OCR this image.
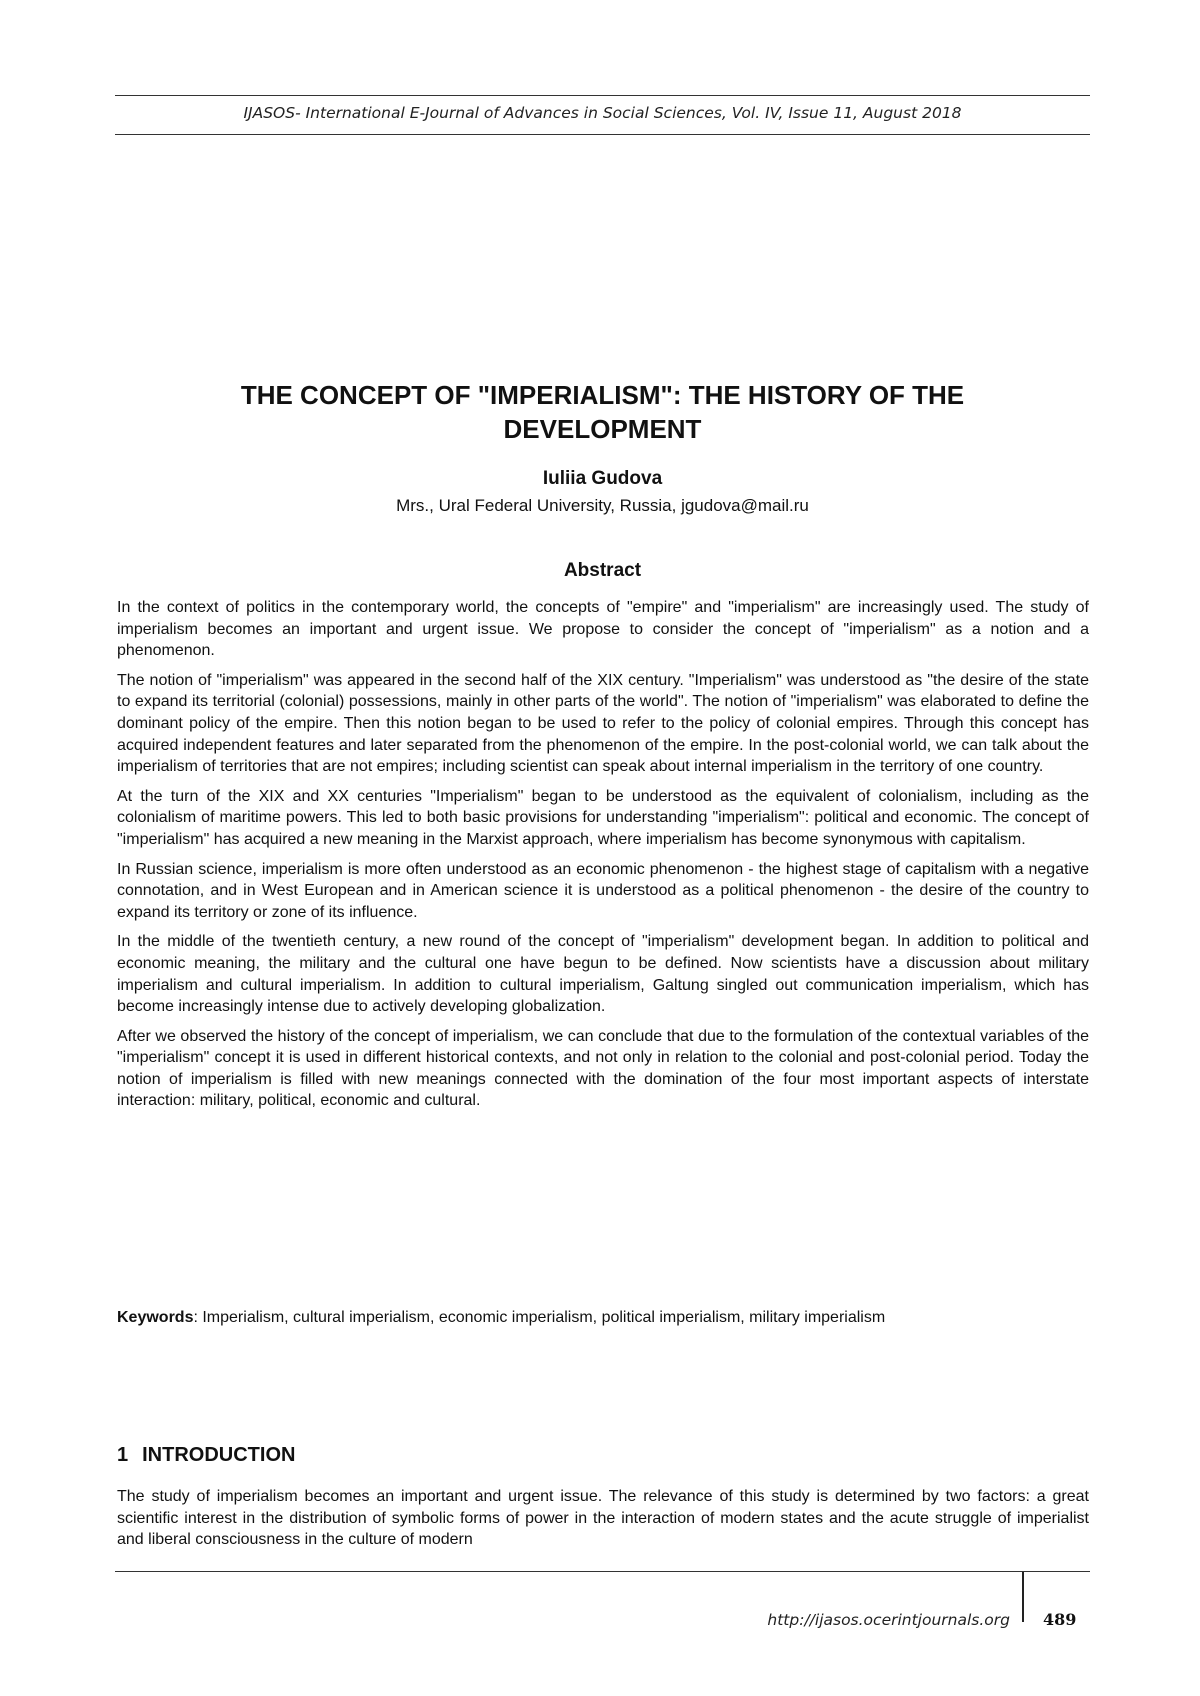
IJASOS- International E-Journal of Advances in Social Sciences, Vol. IV, Issue 11, August 2018
THE CONCEPT OF "IMPERIALISM": THE HISTORY OF THE
DEVELOPMENT
Iuliia Gudova
Mrs., Ural Federal University, Russia, jgudova@mail.ru
Abstract

In the context of politics in the contemporary world, the concepts of "empire" and "imperialism" are increasingly used. The study of imperialism becomes an important and urgent issue. We propose to consider the concept of "imperialism" as a notion and a phenomenon.

The notion of "imperialism" was appeared in the second half of the XIX century. "Imperialism" was understood as "the desire of the state to expand its territorial (colonial) possessions, mainly in other parts of the world". The notion of "imperialism" was elaborated to define the dominant policy of the empire. Then this notion began to be used to refer to the policy of colonial empires. Through this concept has acquired independent features and later separated from the phenomenon of the empire. In the post-colonial world, we can talk about the imperialism of territories that are not empires; including scientist can speak about internal imperialism in the territory of one country.

At the turn of the XIX and XX centuries "Imperialism" began to be understood as the equivalent of colonialism, including as the colonialism of maritime powers. This led to both basic provisions for understanding "imperialism": political and economic. The concept of "imperialism" has acquired a new meaning in the Marxist approach, where imperialism has become synonymous with capitalism.

In Russian science, imperialism is more often understood as an economic phenomenon - the highest stage of capitalism with a negative connotation, and in West European and in American science it is understood as a political phenomenon - the desire of the country to expand its territory or zone of its influence.

In the middle of the twentieth century, a new round of the concept of "imperialism" development began. In addition to political and economic meaning, the military and the cultural one have begun to be defined. Now scientists have a discussion about military imperialism and cultural imperialism. In addition to cultural imperialism, Galtung singled out communication imperialism, which has become increasingly intense due to actively developing globalization.

After we observed the history of the concept of imperialism, we can conclude that due to the formulation of the contextual variables of the "imperialism" concept it is used in different historical contexts, and not only in relation to the colonial and post-colonial period. Today the notion of imperialism is filled with new meanings connected with the domination of the four most important aspects of interstate interaction: military, political, economic and cultural.

Keywords: Imperialism, cultural imperialism, economic imperialism, political imperialism, military imperialism
1 INTRODUCTION

The study of imperialism becomes an important and urgent issue. The relevance of this study is determined by two factors: a great scientific interest in the distribution of symbolic forms of power in the interaction of modern states and the acute struggle of imperialist and liberal consciousness in the culture of modern

http://ijasos.ocerintjournals.org 489
